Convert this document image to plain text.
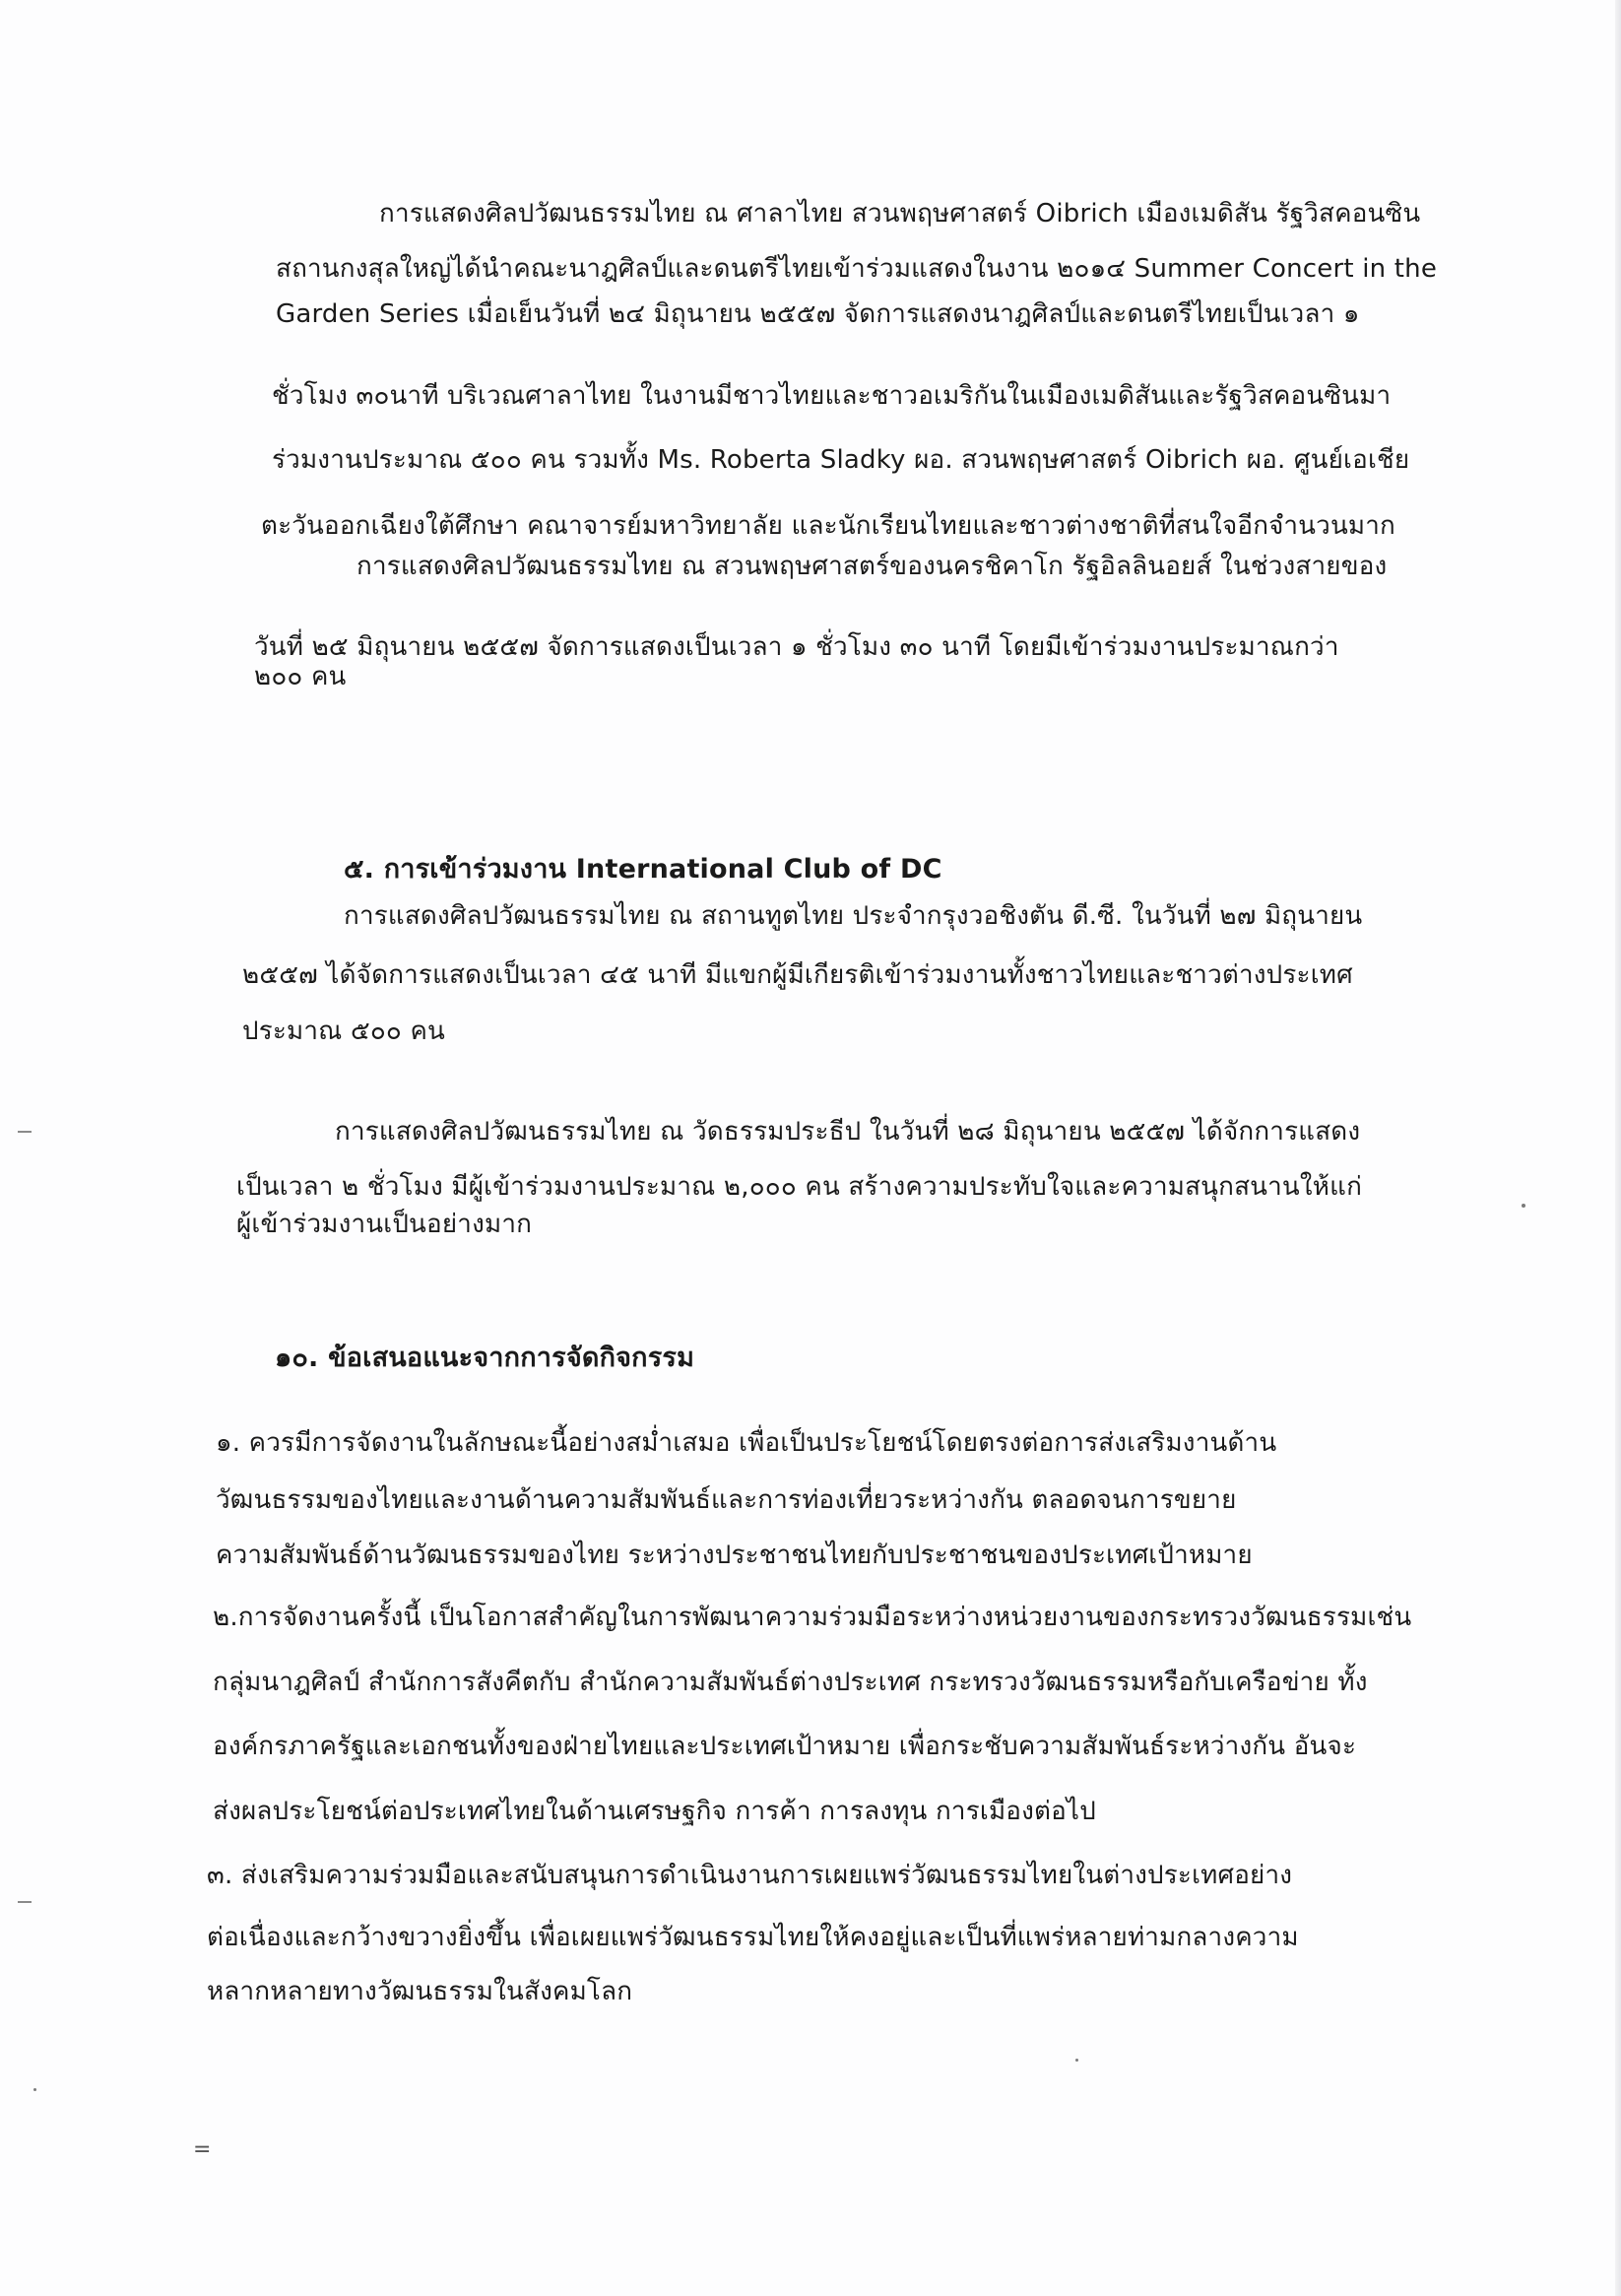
การแสดงศิลปวัฒนธรรมไทย ณ ศาลาไทย สวนพฤษศาสตร์ Oibrich เมืองเมดิสัน รัฐวิสคอนซิน
สถานกงสุลใหญ่ได้นำคณะนาฎศิลป์และดนตรีไทยเข้าร่วมแสดงในงาน ๒๐๑๔ Summer Concert in the
Garden Series เมื่อเย็นวันที่ ๒๔ มิถุนายน ๒๕๕๗ จัดการแสดงนาฎศิลป์และดนตรีไทยเป็นเวลา ๑
ชั่วโมง ๓๐นาที บริเวณศาลาไทย ในงานมีชาวไทยและชาวอเมริกันในเมืองเมดิสันและรัฐวิสคอนซินมา
ร่วมงานประมาณ ๕๐๐ คน รวมทั้ง Ms. Roberta Sladky ผอ. สวนพฤษศาสตร์ Oibrich ผอ. ศูนย์เอเชีย
ตะวันออกเฉียงใต้ศึกษา คณาจารย์มหาวิทยาลัย และนักเรียนไทยและชาวต่างชาติที่สนใจอีกจำนวนมาก
การแสดงศิลปวัฒนธรรมไทย ณ สวนพฤษศาสตร์ของนครชิคาโก รัฐอิลลินอยส์ ในช่วงสายของ
วันที่ ๒๕ มิถุนายน ๒๕๕๗ จัดการแสดงเป็นเวลา ๑ ชั่วโมง ๓๐ นาที โดยมีเข้าร่วมงานประมาณกว่า
๒๐๐ คน
๕. การเข้าร่วมงาน International Club of DC
การแสดงศิลปวัฒนธรรมไทย ณ สถานทูตไทย ประจำกรุงวอชิงตัน ดี.ซี. ในวันที่ ๒๗ มิถุนายน
๒๕๕๗ ได้จัดการแสดงเป็นเวลา ๔๕ นาที มีแขกผู้มีเกียรติเข้าร่วมงานทั้งชาวไทยและชาวต่างประเทศ
ประมาณ ๕๐๐ คน
การแสดงศิลปวัฒนธรรมไทย ณ วัดธรรมประธีป ในวันที่ ๒๘ มิถุนายน ๒๕๕๗ ได้จักการแสดง
เป็นเวลา ๒ ชั่วโมง มีผู้เข้าร่วมงานประมาณ ๒,๐๐๐ คน สร้างความประทับใจและความสนุกสนานให้แก่
ผู้เข้าร่วมงานเป็นอย่างมาก
๑๐. ข้อเสนอแนะจากการจัดกิจกรรม
๑. ควรมีการจัดงานในลักษณะนี้อย่างสม่ำเสมอ เพื่อเป็นประโยชน์โดยตรงต่อการส่งเสริมงานด้าน
วัฒนธรรมของไทยและงานด้านความสัมพันธ์และการท่องเที่ยวระหว่างกัน ตลอดจนการขยาย
ความสัมพันธ์ด้านวัฒนธรรมของไทย ระหว่างประชาชนไทยกับประชาชนของประเทศเป้าหมาย
๒.การจัดงานครั้งนี้ เป็นโอกาสสำคัญในการพัฒนาความร่วมมือระหว่างหน่วยงานของกระทรวงวัฒนธรรมเช่น
กลุ่มนาฎศิลป์ สำนักการสังคีตกับ สำนักความสัมพันธ์ต่างประเทศ กระทรวงวัฒนธรรมหรือกับเครือข่าย ทั้ง
องค์กรภาครัฐและเอกชนทั้งของฝ่ายไทยและประเทศเป้าหมาย เพื่อกระชับความสัมพันธ์ระหว่างกัน อันจะ
ส่งผลประโยชน์ต่อประเทศไทยในด้านเศรษฐกิจ การค้า การลงทุน การเมืองต่อไป
๓. ส่งเสริมความร่วมมือและสนับสนุนการดำเนินงานการเผยแพร่วัฒนธรรมไทยในต่างประเทศอย่าง
ต่อเนื่องและกว้างขวางยิ่งขึ้น เพื่อเผยแพร่วัฒนธรรมไทยให้คงอยู่และเป็นที่แพร่หลายท่ามกลางความ
หลากหลายทางวัฒนธรรมในสังคมโลก
=
